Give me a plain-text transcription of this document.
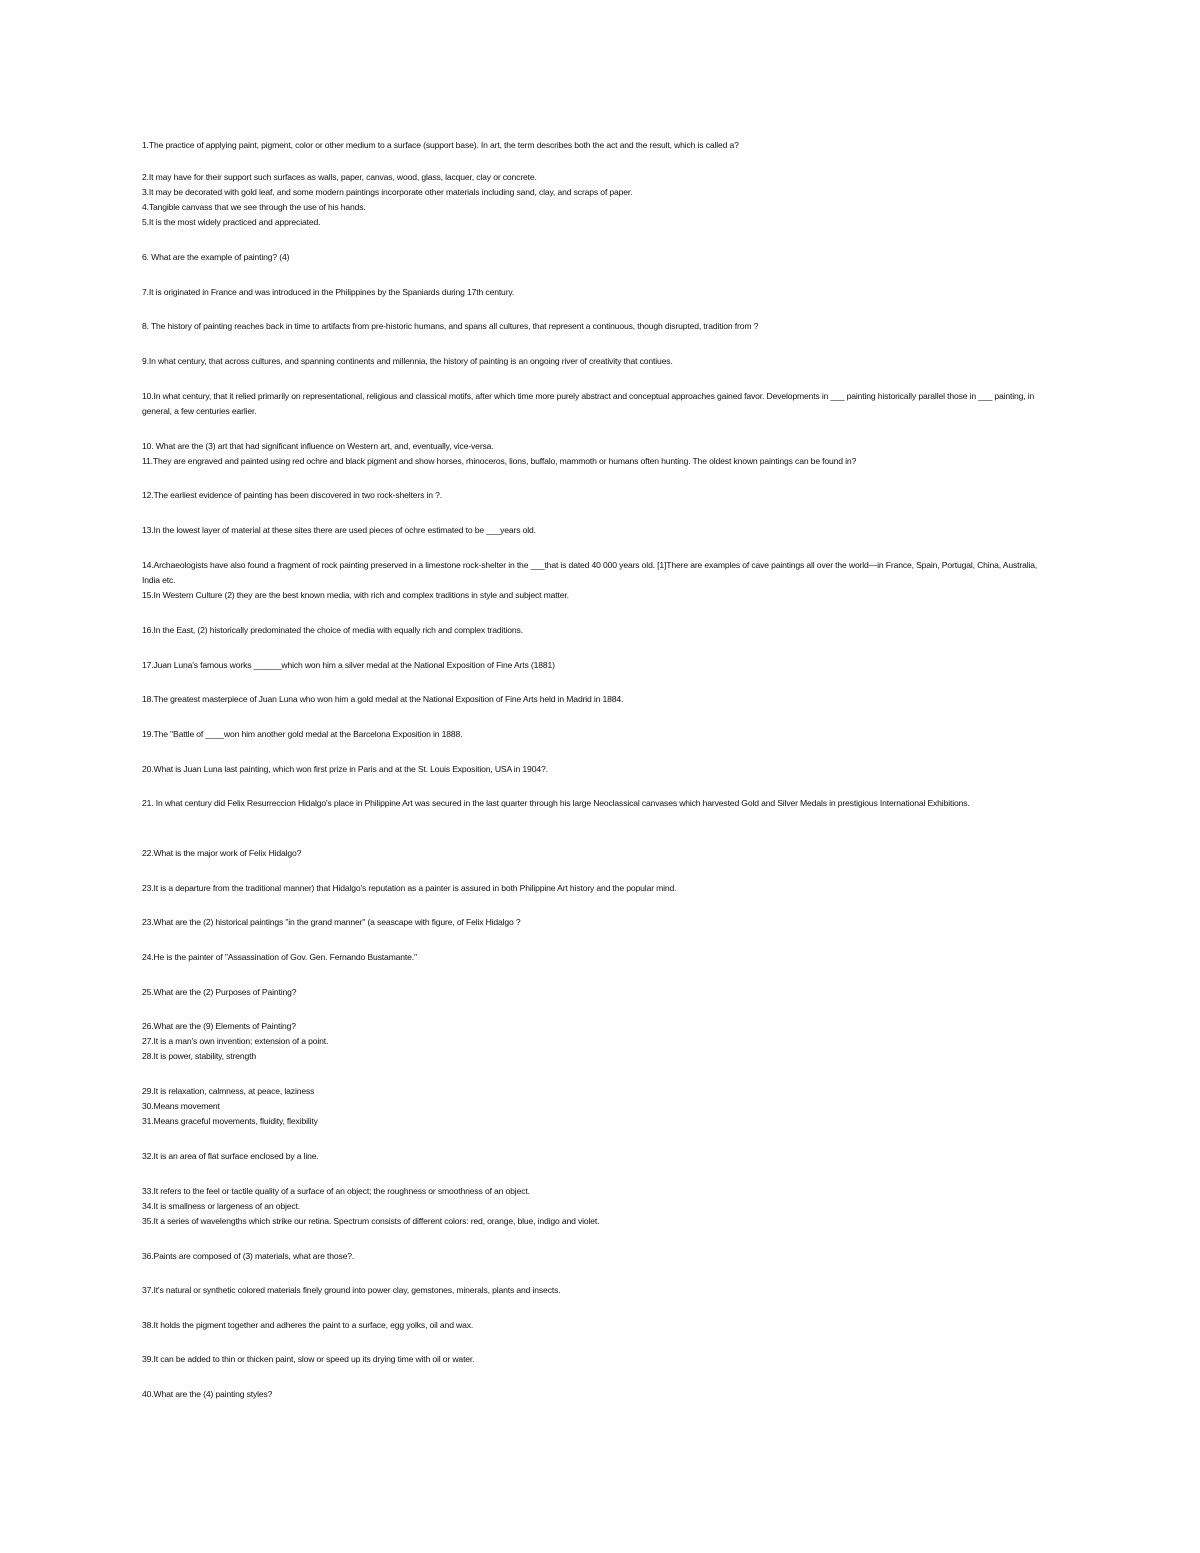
1.The practice of applying paint, pigment, color or other medium to a surface (support base). In art, the term describes both the act and the result, which is called a?

2.It may have for their support such surfaces as walls, paper, canvas, wood, glass, lacquer, clay or concrete.

3.It may be decorated with gold leaf, and some modern paintings incorporate other materials including sand, clay, and scraps of paper.

4.Tangible canvass that we see through the use of his hands.

5.It is the most widely practiced and appreciated.

6. What are the example of painting? (4)

7.It is originated in France and was introduced in the Philippines by the Spaniards during 17th century.

8. The history of painting reaches back in time to artifacts from pre-historic humans, and spans all cultures, that represent a continuous, though disrupted, tradition from ?

9.In what century, that across cultures, and spanning continents and millennia, the history of painting is an ongoing river of creativity that contiues.

10.In what century, that it relied primarily on representational, religious and classical motifs, after which time more purely abstract and conceptual approaches gained favor. Developments in ___ painting historically parallel those in ___ painting, in general, a few centuries earlier.

10. What are the (3) art that had significant influence on Western art, and, eventually, vice-versa.

11.They are engraved and painted using red ochre and black pigment and show horses, rhinoceros, lions, buffalo, mammoth or humans often hunting. The oldest known paintings can be found in?

12.The earliest evidence of painting has been discovered in two rock-shelters in ?.

13.In the lowest layer of material at these sites there are used pieces of ochre estimated to be ___years old.

14.Archaeologists have also found a fragment of rock painting preserved in a limestone rock-shelter in the ___that is dated 40 000 years old. [1]There are examples of cave paintings all over the world—in France, Spain, Portugal, China, Australia, India etc.

15.In Western Culture (2) they are the best known media, with rich and complex traditions in style and subject matter.

16.In the East, (2) historically predominated the choice of media with equally rich and complex traditions.

17.Juan Luna's famous works ______which won him a silver medal at the National Exposition of Fine Arts (1881)

18.The greatest masterpiece of Juan Luna who won him a gold medal at the National Exposition of Fine Arts held in Madrid in 1884.

19.The "Battle of ____won him another gold medal at the Barcelona Exposition in 1888.

20.What is Juan Luna last painting, which won first prize in Paris and at the St. Louis Exposition, USA in 1904?.

21. In what century did Felix Resurreccion Hidalgo's place in Philippine Art was secured in the last quarter through his large Neoclassical canvases which harvested Gold and Silver Medals in prestigious International Exhibitions.

22.What is the major work of Felix Hidalgo?

23.It is a departure from the traditional manner) that Hidalgo's reputation as a painter is assured in both Philippine Art history and the popular mind.

23.What are the (2) historical paintings "in the grand manner" (a seascape with figure, of Felix Hidalgo ?

24.He is the painter of "Assassination of Gov. Gen. Fernando Bustamante."

25.What are the (2) Purposes of Painting?

26.What are the (9) Elements of Painting?

27.It is a man's own invention; extension of a point.

28.It is power, stability, strength

29.It is relaxation, calmness, at peace, laziness

30.Means movement

31.Means graceful movements, fluidity, flexibility

32.It is an area of flat surface enclosed by a line.

33.It refers to the feel or tactile quality of a surface of an object; the roughness or smoothness of an object.

34.It is smallness or largeness of an object.

35.It a series of wavelengths which strike our retina. Spectrum consists of different colors: red, orange, blue, indigo and violet.

36.Paints are composed of (3) materials, what are those?.

37.It's natural or synthetic colored materials finely ground into power clay, gemstones, minerals, plants and insects.

38.It holds the pigment together and adheres the paint to a surface, egg yolks, oil and wax.

39.It can be added to thin or thicken paint, slow or speed up its drying time with oil or water.

40.What are the (4) painting styles?
